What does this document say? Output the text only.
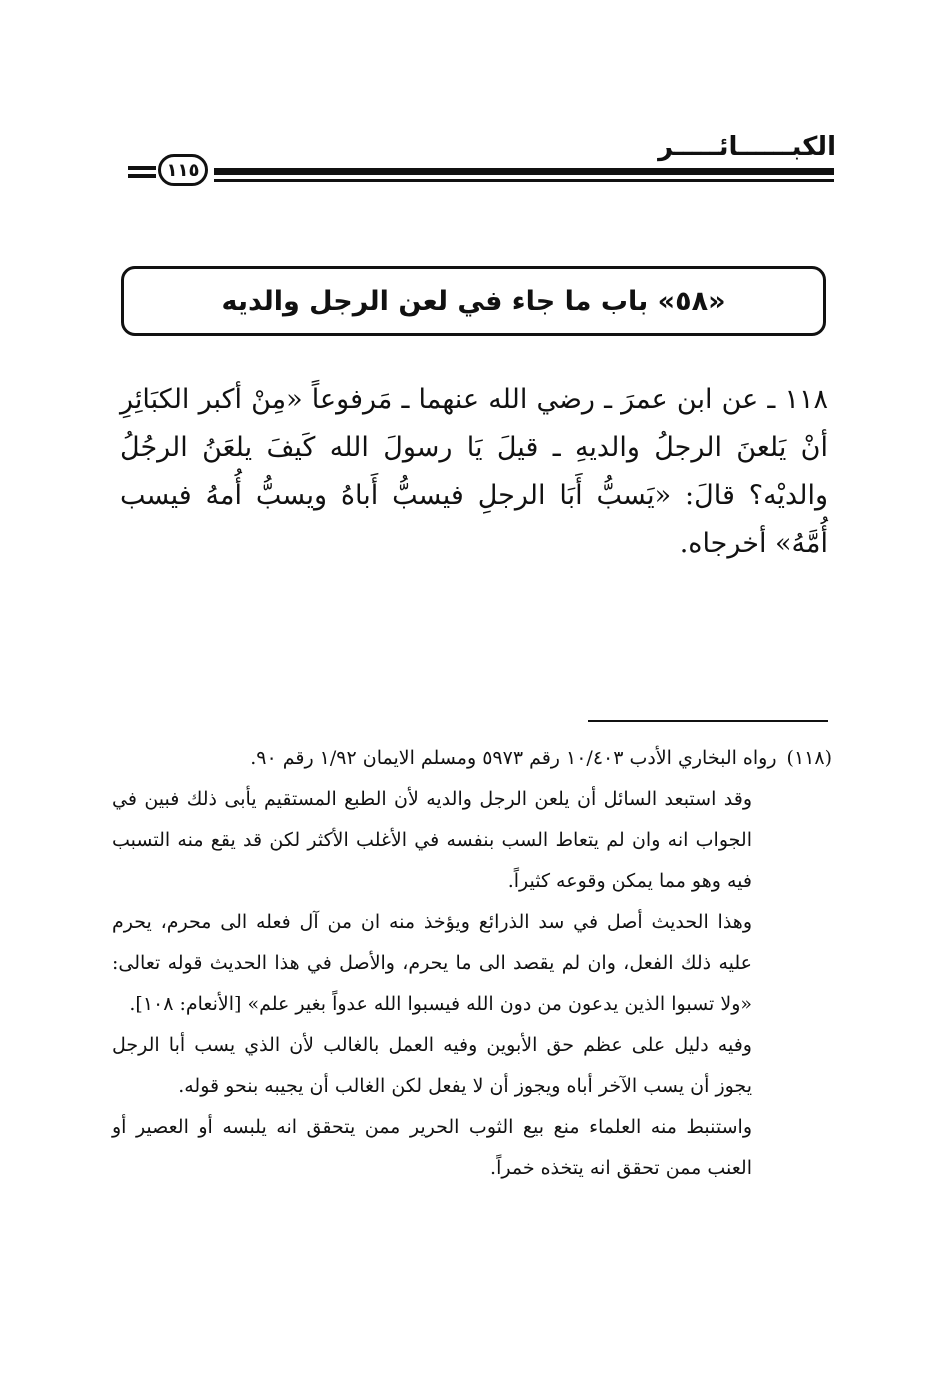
الكبــــــائـــــر
١١٥
«٥٨» باب ما جاء في لعن الرجل والديه

١١٨ ـ عن ابن عمرَ ـ رضي الله عنهما ـ مَرفوعاً «مِنْ أكبر الكبَائِرِ أنْ يَلعنَ الرجلُ والديهِ ـ قيلَ يَا رسولَ الله كَيفَ يلعَنُ الرجُلُ والديْه؟ قالَ: «يَسبُّ أَبَا الرجلِ فيسبُّ أَباهُ ويسبُّ أُمهُ فيسب أُمَّهُ» أخرجاه.

(١١٨)رواه البخاري الأدب ١٠/٤٠٣ رقم ٥٩٧٣ ومسلم الايمان ١/٩٢ رقم ٩٠.

وقد استبعد السائل أن يلعن الرجل والديه لأن الطبع المستقيم يأبى ذلك فبين في الجواب انه وان لم يتعاط السب بنفسه في الأغلب الأكثر لكن قد يقع منه التسبب فيه وهو مما يمكن وقوعه كثيراً.

وهذا الحديث أصل في سد الذرائع ويؤخذ منه ان من آل فعله الى محرم، يحرم عليه ذلك الفعل، وان لم يقصد الى ما يحرم، والأصل في هذا الحديث قوله تعالى: «ولا تسبوا الذين يدعون من دون الله فيسبوا الله عدواً بغير علم» [الأنعام: ١٠٨].

وفيه دليل على عظم حق الأبوين وفيه العمل بالغالب لأن الذي يسب أبا الرجل يجوز أن يسب الآخر أباه ويجوز أن لا يفعل لكن الغالب أن يجيبه بنحو قوله.

واستنبط منه العلماء منع بيع الثوب الحرير ممن يتحقق انه يلبسه أو العصير أو العنب ممن تحقق انه يتخذه خمراً.
